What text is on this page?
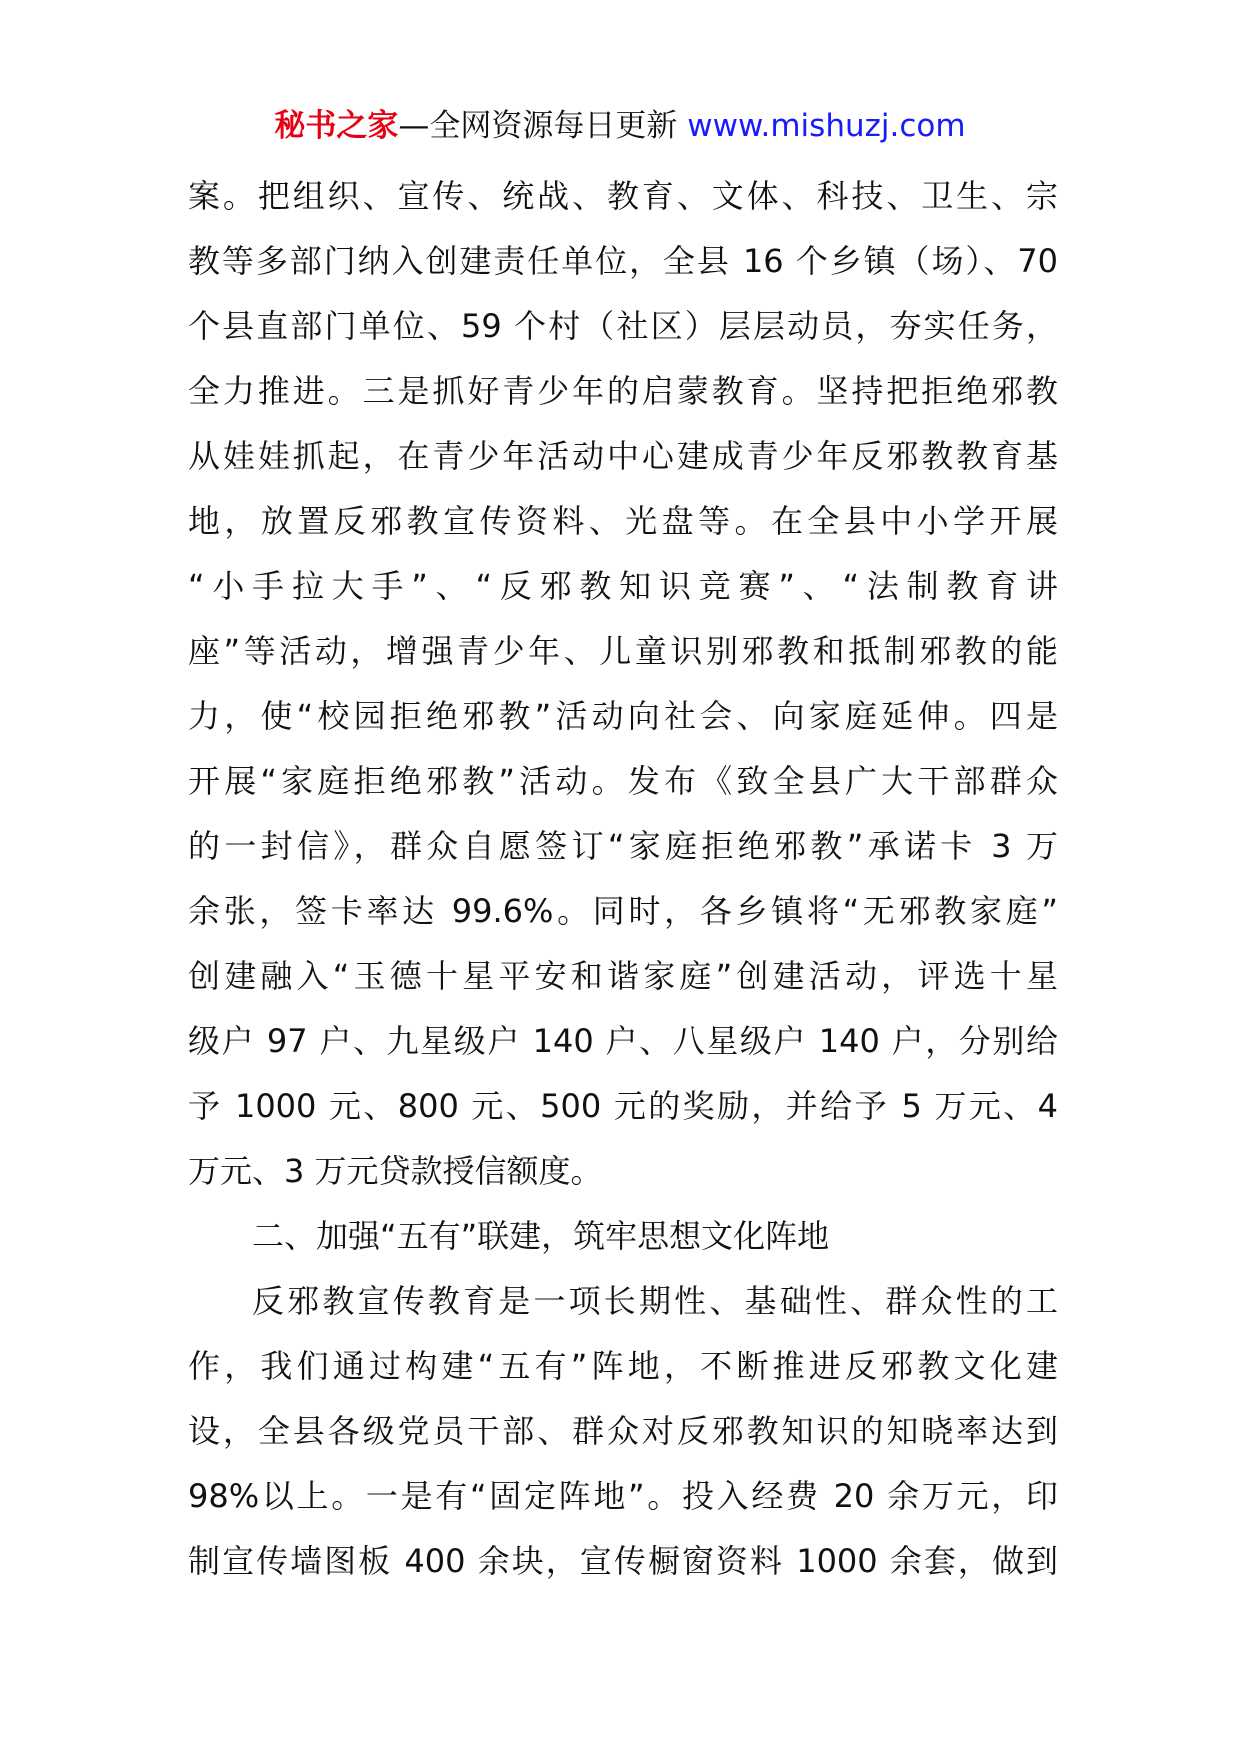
秘书之家—全网资源每日更新 www.mishuzj.com
案。把组织、宣传、统战、教育、文体、科技、卫生、宗
教等多部门纳入创建责任单位，全县 16 个乡镇（场）、70
个县直部门单位、59 个村（社区）层层动员，夯实任务，
全力推进。三是抓好青少年的启蒙教育。坚持把拒绝邪教
从娃娃抓起，在青少年活动中心建成青少年反邪教教育基
地，放置反邪教宣传资料、光盘等。在全县中小学开展
“小手拉大手”、“反邪教知识竞赛”、“法制教育讲
座”等活动，增强青少年、儿童识别邪教和抵制邪教的能
力，使“校园拒绝邪教”活动向社会、向家庭延伸。四是
开展“家庭拒绝邪教”活动。发布《致全县广大干部群众
的一封信》，群众自愿签订“家庭拒绝邪教”承诺卡 3 万
余张，签卡率达 99.6%。同时，各乡镇将“无邪教家庭”
创建融入“玉德十星平安和谐家庭”创建活动，评选十星
级户 97 户、九星级户 140 户、八星级户 140 户，分别给
予 1000 元、800 元、500 元的奖励，并给予 5 万元、4
万元、3 万元贷款授信额度。
二、加强“五有”联建，筑牢思想文化阵地
反邪教宣传教育是一项长期性、基础性、群众性的工
作，我们通过构建“五有”阵地，不断推进反邪教文化建
设，全县各级党员干部、群众对反邪教知识的知晓率达到
98%以上。一是有“固定阵地”。投入经费 20 余万元，印
制宣传墙图板 400 余块，宣传橱窗资料 1000 余套，做到
